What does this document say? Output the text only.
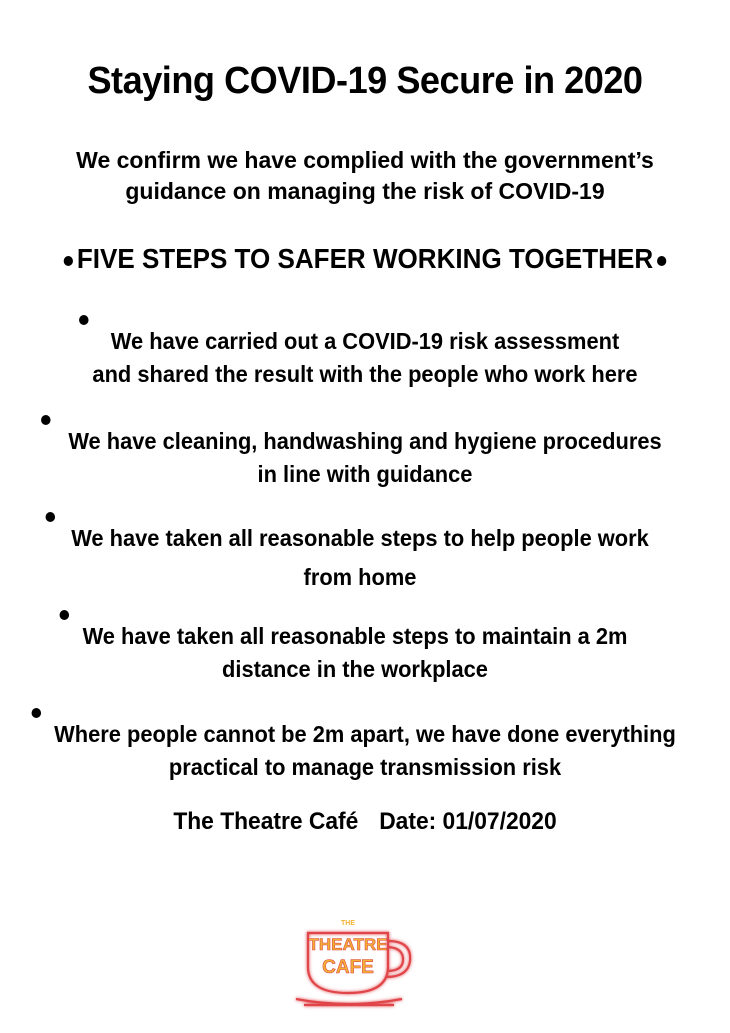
Staying COVID-19 Secure in 2020
We confirm we have complied with the government’s
guidance on managing the risk of COVID-19
FIVE STEPS TO SAFER WORKING TOGETHER
We have carried out a COVID-19 risk assessment
and shared the result with the people who work here
We have cleaning, handwashing and hygiene procedures
in line with guidance
We have taken all reasonable steps to help people work
from home
We have taken all reasonable steps to maintain a 2m
distance in the workplace
Where people cannot be 2m apart, we have done everything
practical to manage transmission risk
The Theatre Café Date: 01/07/2020
THE
THEATRE
CAFE
